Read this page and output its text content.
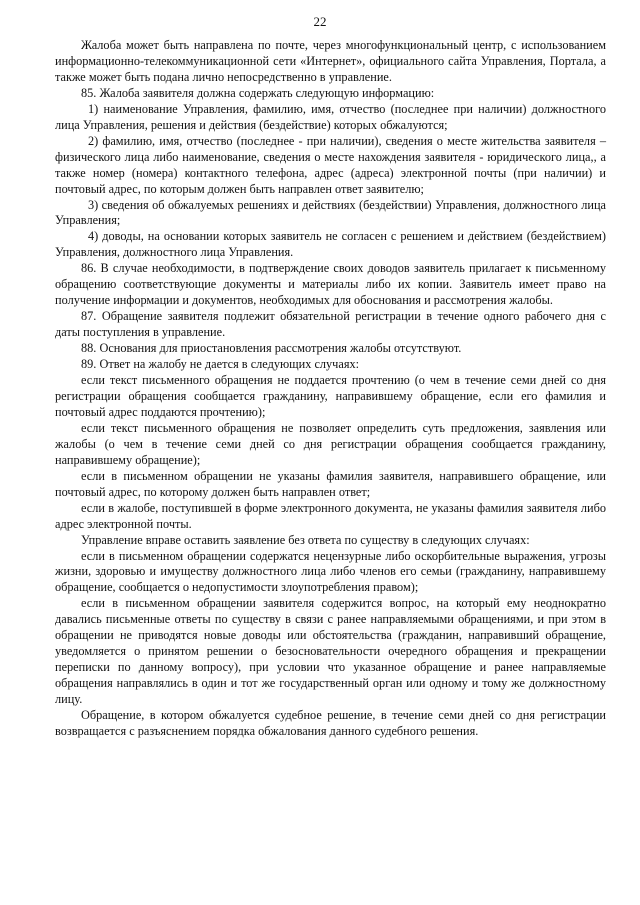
22

Жалоба может быть направлена по почте, через многофункциональный центр, с использованием информационно-телекоммуникационной сети «Интернет», официального сайта Управления, Портала, а также может быть подана лично непосредственно в управление.

85. Жалоба заявителя должна содержать следующую информацию:

1) наименование Управления, фамилию, имя, отчество (последнее при наличии) должностного лица Управления, решения и действия (бездействие) которых обжалуются;

2) фамилию, имя, отчество (последнее - при наличии), сведения о месте жительства заявителя – физического лица либо наименование, сведения о месте нахождения заявителя - юридического лица,, а также номер (номера) контактного телефона, адрес (адреса) электронной почты (при наличии) и почтовый адрес, по которым должен быть направлен ответ заявителю;

3) сведения об обжалуемых решениях и действиях (бездействии) Управления, должностного лица Управления;

4) доводы, на основании которых заявитель не согласен с решением и действием (бездействием) Управления, должностного лица Управления.

86. В случае необходимости, в подтверждение своих доводов заявитель прилагает к письменному обращению соответствующие документы и материалы либо их копии. Заявитель имеет право на получение информации и документов, необходимых для обоснования и рассмотрения жалобы.

87. Обращение заявителя подлежит обязательной регистрации в течение одного рабочего дня с даты поступления в управление.

88. Основания для приостановления рассмотрения жалобы отсутствуют.

89. Ответ на жалобу не дается в следующих случаях:

если текст письменного обращения не поддается прочтению (о чем в течение семи дней со дня регистрации обращения сообщается гражданину, направившему обращение, если его фамилия и почтовый адрес поддаются прочтению);

если текст письменного обращения не позволяет определить суть предложения, заявления или жалобы (о чем в течение семи дней со дня регистрации обращения сообщается гражданину, направившему обращение);

если в письменном обращении не указаны фамилия заявителя, направившего обращение, или почтовый адрес, по которому должен быть направлен ответ;

если в жалобе, поступившей в форме электронного документа, не указаны фамилия заявителя либо адрес электронной почты.

Управление вправе оставить заявление без ответа по существу в следующих случаях:

если в письменном обращении содержатся нецензурные либо оскорбительные выражения, угрозы жизни, здоровью и имуществу должностного лица либо членов его семьи (гражданину, направившему обращение, сообщается о недопустимости злоупотребления правом);

если в письменном обращении заявителя содержится вопрос, на который ему неоднократно давались письменные ответы по существу в связи с ранее направляемыми обращениями, и при этом в обращении не приводятся новые доводы или обстоятельства (гражданин, направивший обращение, уведомляется о принятом решении о безосновательности очередного обращения и прекращении переписки по данному вопросу), при условии что указанное обращение и ранее направляемые обращения направлялись в один и тот же государственный орган или одному и тому же должностному лицу.

Обращение, в котором обжалуется судебное решение, в течение семи дней со дня регистрации возвращается с разъяснением порядка обжалования данного судебного решения.
